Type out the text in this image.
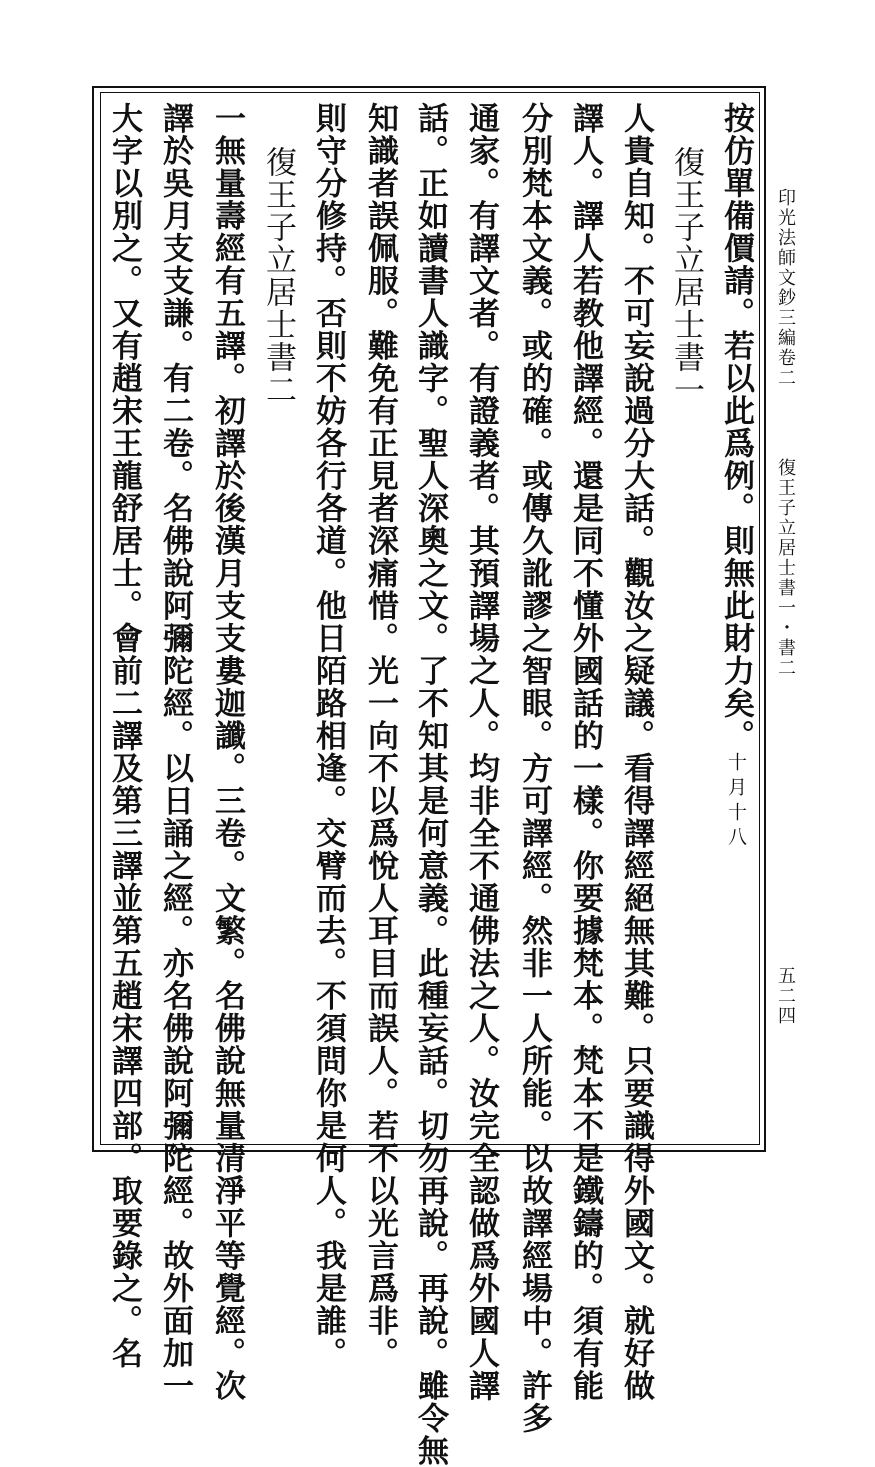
印光法師文鈔三編卷二
復王子立居士書一・書二
五二四
按仿單備價請。若以此爲例。則無此財力矣。十月十八
復王子立居士書一
人貴自知。不可妄說過分大話。觀汝之疑議。看得譯經絕無其難。只要識得外國文。就好做
譯人。譯人若教他譯經。還是同不懂外國話的一樣。你要據梵本。梵本不是鐵鑄的。須有能
分別梵本文義。或的確。或傳久訛謬之智眼。方可譯經。然非一人所能。以故譯經場中。許多
通家。有譯文者。有證義者。其預譯場之人。均非全不通佛法之人。汝完全認做爲外國人譯
話。正如讀書人識字。聖人深奧之文。了不知其是何意義。此種妄話。切勿再說。再說。雖令無
知識者誤佩服。難免有正見者深痛惜。光一向不以爲悅人耳目而誤人。若不以光言爲非。
則守分修持。否則不妨各行各道。他日陌路相逢。交臂而去。不須問你是何人。我是誰。
復王子立居士書二
一無量壽經有五譯。初譯於後漢月支支婁迦讖。三卷。文繁。名佛說無量清淨平等覺經。次
譯於吳月支支謙。有二卷。名佛說阿彌陀經。以日誦之經。亦名佛說阿彌陀經。故外面加一
大字以別之。又有趙宋王龍舒居士。會前二譯及第三譯並第五趙宋譯四部。取要錄之。名
